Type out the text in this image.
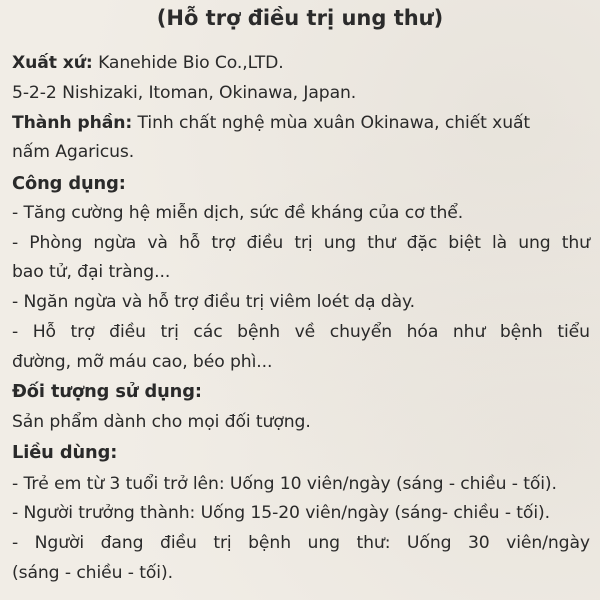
(Hỗ trợ điều trị ung thư)
Xuất xứ: Kanehide Bio Co.,LTD.
5-2-2 Nishizaki, Itoman, Okinawa, Japan.
Thành phần: Tinh chất nghệ mùa xuân Okinawa, chiết xuất
nấm Agaricus.
Công dụng:
- Tăng cường hệ miễn dịch, sức đề kháng của cơ thể.
- Phòng ngừa và hỗ trợ điều trị ung thư đặc biệt là ung thư
bao tử, đại tràng...
- Ngăn ngừa và hỗ trợ điều trị viêm loét dạ dày.
- Hỗ trợ điều trị các bệnh về chuyển hóa như bệnh tiểu
đường, mỡ máu cao, béo phì...
Đối tượng sử dụng:
Sản phẩm dành cho mọi đối tượng.
Liều dùng:
- Trẻ em từ 3 tuổi trở lên: Uống 10 viên/ngày (sáng - chiều - tối).
- Người trưởng thành: Uống 15-20 viên/ngày (sáng- chiều - tối).
- Người đang điều trị bệnh ung thư: Uống 30 viên/ngày
(sáng - chiều - tối).
